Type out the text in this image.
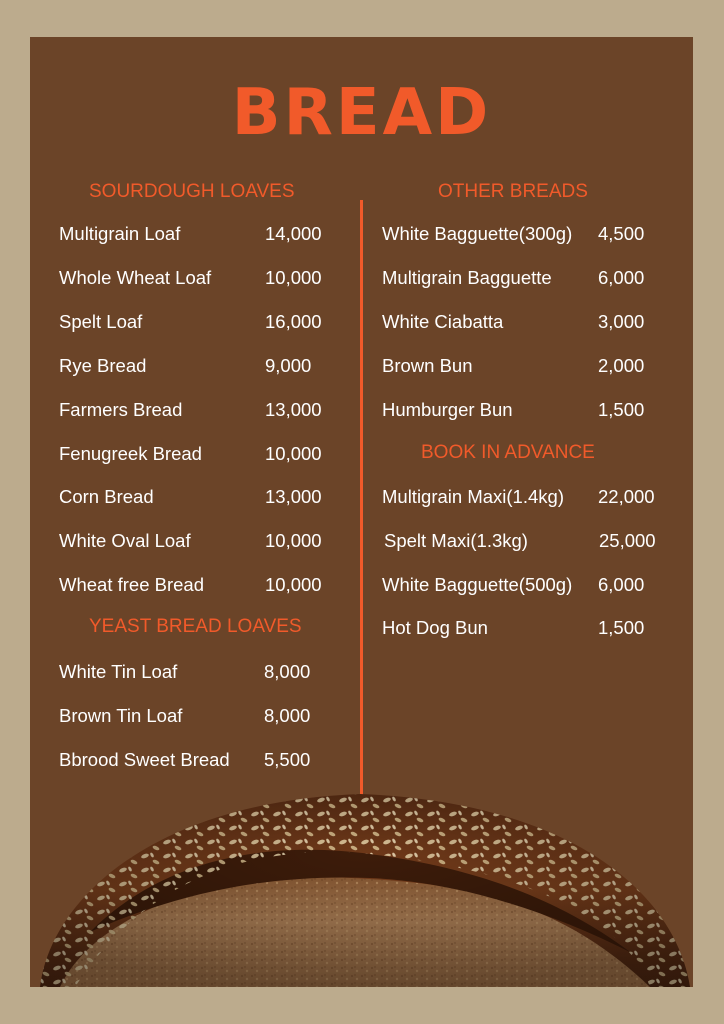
BREAD
SOURDOUGH LOAVES
Multigrain Loaf	14,000
Whole Wheat Loaf	10,000
Spelt Loaf	16,000
Rye Bread	9,000
Farmers Bread	13,000
Fenugreek Bread	10,000
Corn Bread	13,000
White Oval Loaf	10,000
Wheat free Bread	10,000
YEAST BREAD LOAVES
White Tin Loaf	8,000
Brown Tin Loaf	8,000
Bbrood Sweet Bread 5,500
OTHER BREADS
White Bagguette(300g) 4,500
Multigrain Bagguette	6,000
White Ciabatta	3,000
Brown Bun	2,000
Humburger Bun	1,500
BOOK IN ADVANCE
Multigrain Maxi(1.4kg) 22,000
Spelt Maxi(1.3kg)	25,000
White Bagguette(500g) 6,000
Hot Dog Bun	1,500
